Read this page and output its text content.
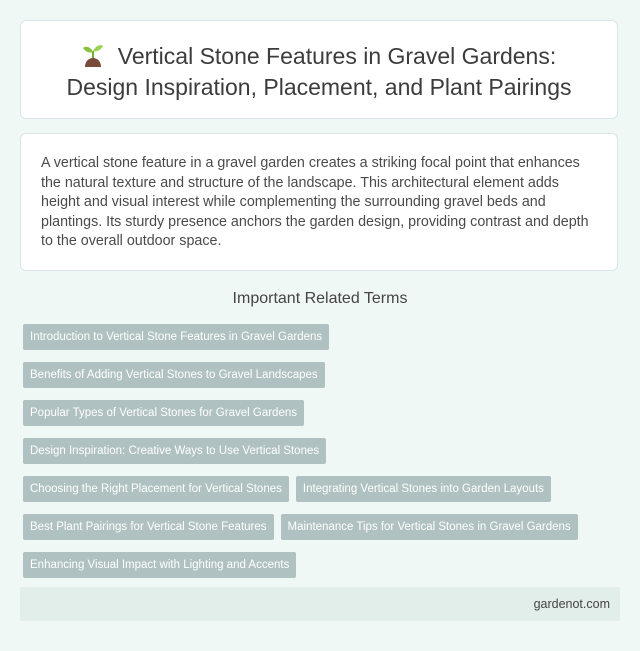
Vertical Stone Features in Gravel Gardens:
Design Inspiration, Placement, and Plant Pairings

A vertical stone feature in a gravel garden creates a striking focal point that enhances the natural texture and structure of the landscape. This architectural element adds height and visual interest while complementing the surrounding gravel beds and plantings. Its sturdy presence anchors the garden design, providing contrast and depth to the overall outdoor space.

Important Related Terms
Introduction to Vertical Stone Features in Gravel Gardens
Benefits of Adding Vertical Stones to Gravel Landscapes
Popular Types of Vertical Stones for Gravel Gardens
Design Inspiration: Creative Ways to Use Vertical Stones
Choosing the Right Placement for Vertical Stones	Integrating Vertical Stones into Garden Layouts
Best Plant Pairings for Vertical Stone Features	Maintenance Tips for Vertical Stones in Gravel Gardens
Enhancing Visual Impact with Lighting and Accents
gardenot.com
